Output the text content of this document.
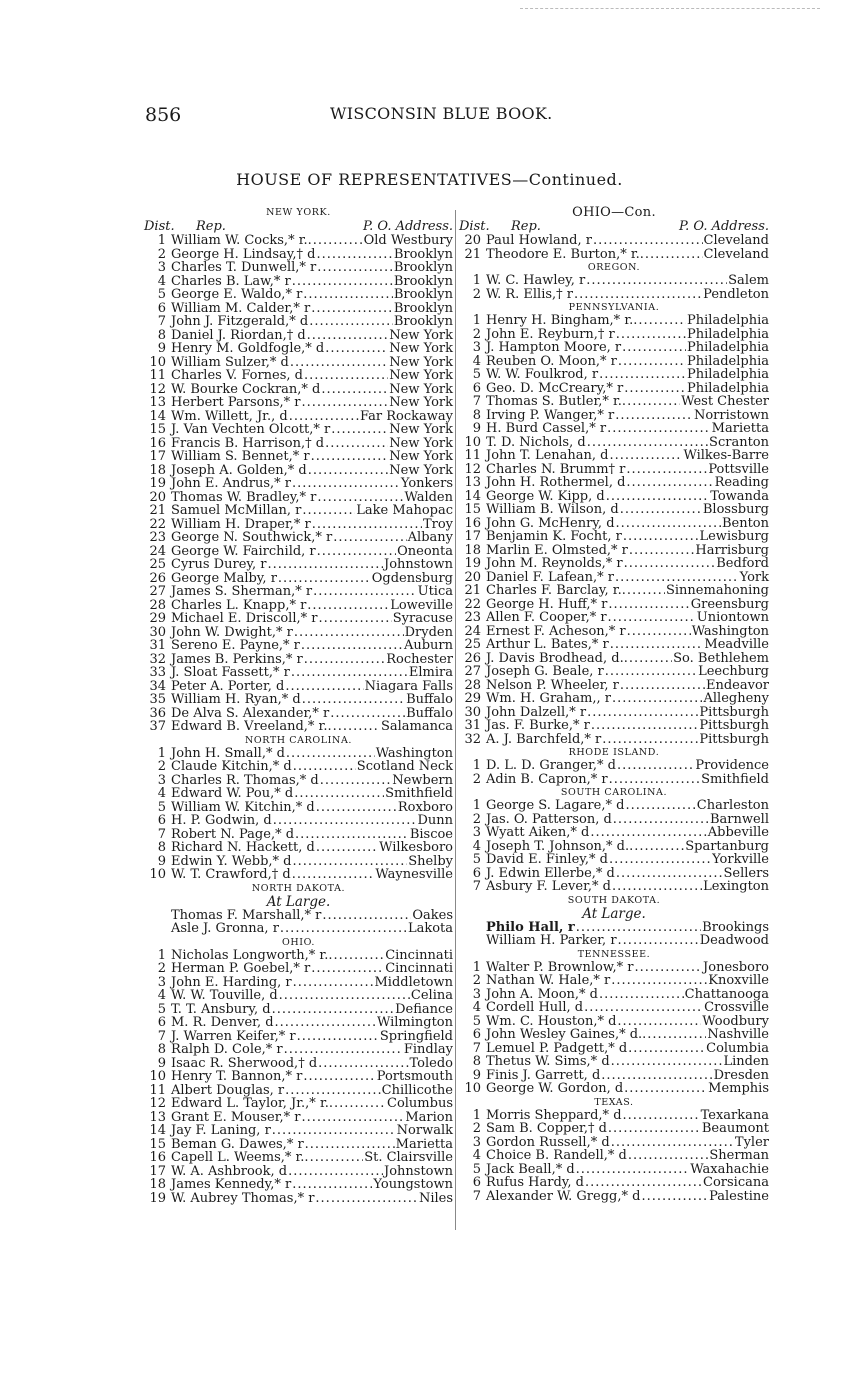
856	WISCONSIN BLUE BOOK.
HOUSE OF REPRESENTATIVES—Continued.
NEW YORK.
Dist.	Rep.	P. O. Address.
1 William W. Cocks,* r.. .....	Old Westbury
2 George H. Lindsay,† d .....	Brooklyn
3 Charles T. Dunwell,* r .....	Brooklyn
4 Charles B. Law,* r .....	Brooklyn
5 George E. Waldo,* r .....	Brooklyn
6 William M. Calder,* r .....	Brooklyn
7 John J. Fitzgerald,* d .....	Brooklyn
8 Daniel J. Riordan,† d .....	New York
9 Henry M. Goldfogle,* d .....	New York
10 William Sulzer,* d .....	New York
11 Charles V. Fornes, d .....	New York
12 W. Bourke Cockran,* d .....	New York
13 Herbert Parsons,* r .....	New York
14 Wm. Willett, Jr., d .....	Far Rockaway
15 J. Van Vechten Olcott,* r .....	New York
16 Francis B. Harrison,† d .....	New York
17 William S. Bennet,* r .....	New York
18 Joseph A. Golden,* d .....	New York
19 John E. Andrus,* r .....	Yonkers
20 Thomas W. Bradley,* r .....	Walden
21 Samuel McMillan, r .....	Lake Mahopac
22 William H. Draper,* r .....	Troy
23 George N. Southwick,* r .....	Albany
24 George W. Fairchild, r .....	Oneonta
25 Cyrus Durey, r .....	Johnstown
26 George Malby, r .....	Ogdensburg
27 James S. Sherman,* r .....	Utica
28 Charles L. Knapp,* r .....	Loweville
29 Michael E. Driscoll,* r .....	Syracuse
30 John W. Dwight,* r .....	Dryden
31 Sereno E. Payne,* r .....	Auburn
32 James B. Perkins,* r .....	Rochester
33 J. Sloat Fassett,* r .....	Elmira
34 Peter A. Porter, d .....	Niagara Falls
35 William H. Ryan,* d .....	Buffalo
36 De Alva S. Alexander,* r .....	Buffalo
37 Edward B. Vreeland,* r.. .....	Salamanca
NORTH CAROLINA.
1 John H. Small,* d .....	Washington
2 Claude Kitchin,* d .....	Scotland Neck
3 Charles R. Thomas,* d .....	Newbern
4 Edward W. Pou,* d .....	Smithfield
5 William W. Kitchin,* d .....	Roxboro
6 H. P. Godwin, d .....	Dunn
7 Robert N. Page,* d .....	Biscoe
8 Richard N. Hackett, d .....	Wilkesboro
9 Edwin Y. Webb,* d .....	Shelby
10 W. T. Crawford,† d .....	Waynesville
NORTH DAKOTA.
At Large.
Thomas F. Marshall,* r .....	Oakes
Asle J. Gronna, r .....	Lakota
OHIO.
1 Nicholas Longworth,* r.. .....	Cincinnati
2 Herman P. Goebel,* r .....	Cincinnati
3 John E. Harding, r .....	Middletown
4 W. W. Touville, d .....	Celina
5 T. T. Ansbury, d .....	Defiance
6 M. R. Denver, d .....	Wilmington
7 J. Warren Keifer,* r .....	Springfield
8 Ralph D. Cole,* r .....	Findlay
9 Isaac R. Sherwood,† d .....	Toledo
10 Henry T. Bannon,* r .....	Portsmouth
11 Albert Douglas, r .....	Chillicothe
12 Edward L. Taylor, Jr.,* r.. .....	Columbus
13 Grant E. Mouser,* r .....	Marion
14 Jay F. Laning, r .....	Norwalk
15 Beman G. Dawes,* r .....	Marietta
16 Capell L. Weems,* r.. .....	St. Clairsville
17 W. A. Ashbrook, d .....	Johnstown
18 James Kennedy,* r .....	Youngstown
19 W. Aubrey Thomas,* r .....	Niles
OHIO—Con.
Dist.	Rep.	P. O. Address.
20 Paul Howland, r .....	Cleveland
21 Theodore E. Burton,* r.. .....	Cleveland
OREGON.
1 W. C. Hawley, r .....	Salem
2 W. R. Ellis,† r .....	Pendleton
PENNSYLVANIA.
1 Henry H. Bingham,* r.. .....	Philadelphia
2 John E. Reyburn,† r .....	Philadelphia
3 J. Hampton Moore, r .....	Philadelphia
4 Reuben O. Moon,* r .....	Philadelphia
5 W. W. Foulkrod, r .....	Philadelphia
6 Geo. D. McCreary,* r .....	Philadelphia
7 Thomas S. Butler,* r.. .....	West Chester
8 Irving P. Wanger,* r .....	Norristown
9 H. Burd Cassel,* r .....	Marietta
10 T. D. Nichols, d .....	Scranton
11 John T. Lenahan, d .....	Wilkes-Barre
12 Charles N. Brumm† r .....	Pottsville
13 John H. Rothermel, d .....	Reading
14 George W. Kipp, d .....	Towanda
15 William B. Wilson, d .....	Blossburg
16 John G. McHenry, d .....	Benton
17 Benjamin K. Focht, r .....	Lewisburg
18 Marlin E. Olmsted,* r .....	Harrisburg
19 John M. Reynolds,* r .....	Bedford
20 Daniel F. Lafean,* r .....	York
21 Charles F. Barclay, r.. .....	Sinnemahoning
22 George H. Huff,* r .....	Greensburg
23 Allen F. Cooper,* r .....	Uniontown
24 Ernest F. Acheson,* r .....	Washington
25 Arthur L. Bates,* r .....	Meadville
26 J. Davis Brodhead, d.. .....	So. Bethlehem
27 Joseph G. Beale, r .....	Leechburg
28 Nelson P. Wheeler, r .....	Endeavor
29 Wm. H. Graham,, r .....	Allegheny
30 John Dalzell,* r .....	Pittsburgh
31 Jas. F. Burke,* r .....	Pittsburgh
32 A. J. Barchfeld,* r .....	Pittsburgh
RHODE ISLAND.
1 D. L. D. Granger,* d .....	Providence
2 Adin B. Capron,* r .....	Smithfield
SOUTH CAROLINA.
1 George S. Lagare,* d .....	Charleston
2 Jas. O. Patterson, d .....	Barnwell
3 Wyatt Aiken,* d .....	Abbeville
4 Joseph T. Johnson,* d.. .....	Spartanburg
5 David E. Finley,* d .....	Yorkville
6 J. Edwin Ellerbe,* d .....	Sellers
7 Asbury F. Lever,* d .....	Lexington
SOUTH DAKOTA.
At Large.
Philo Hall, r .....	Brookings
William H. Parker, r .....	Deadwood
TENNESSEE.
1 Walter P. Brownlow,* r .....	Jonesboro
2 Nathan W. Hale,* r .....	Knoxville
3 John A. Moon,* d .....	Chattanooga
4 Cordell Hull, d .....	Crossville
5 Wm. C. Houston,* d .....	Woodbury
6 John Wesley Gaines,* d.. .....	Nashville
7 Lemuel P. Padgett,* d .....	Columbia
8 Thetus W. Sims,* d .....	Linden
9 Finis J. Garrett, d .....	Dresden
10 George W. Gordon, d .....	Memphis
TEXAS.
1 Morris Sheppard,* d .....	Texarkana
2 Sam B. Copper,† d .....	Beaumont
3 Gordon Russell,* d .....	Tyler
4 Choice B. Randell,* d .....	Sherman
5 Jack Beall,* d .....	Waxahachie
6 Rufus Hardy, d .....	Corsicana
7 Alexander W. Gregg,* d .....	Palestine
